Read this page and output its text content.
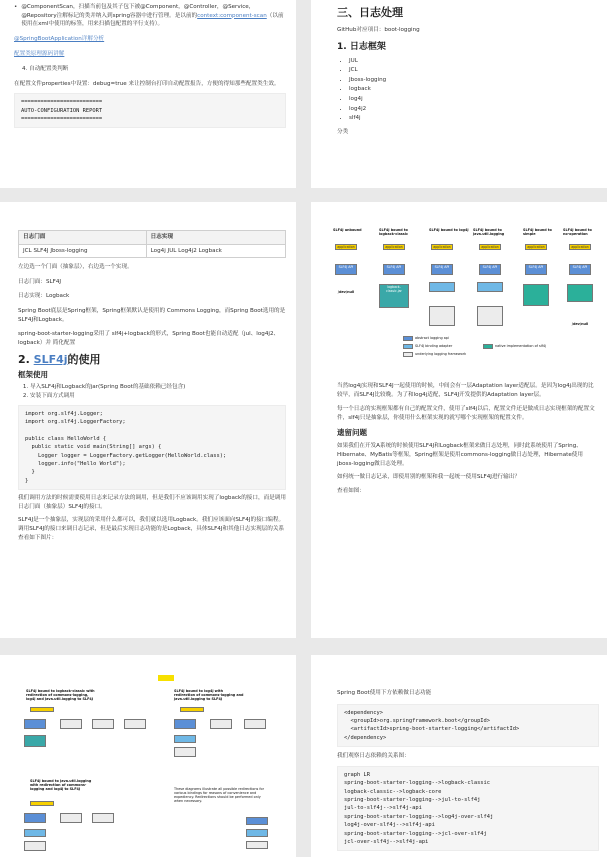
• @ComponentScan，扫描当前包及其子包下被@Component，@Controller，@Service，@Repository注解标记的类并纳入到spring容器中进行管理。是以前的context:component-scan（以前使用在xml中使用的标签，用来扫描包配置的平行支持）。
@SpringBootApplication详解分析
配置类原理源码讲解
4. 自动配置类判断
在配置文件properties中设置：debug=true 来让控制台打印自动配置报告，方便的得知那些配置类生效。
=========================
AUTO-CONFIGURATION REPORT
=========================
三、日志处理
GitHub对应项目：boot-logging
1. 日志框架
• JUL
• JCL
• Jboss-logging
• logback
• log4j
• log4j2
• slf4j
分类
日志门面	日志实现
JCL SLF4J Jboss-logging	Log4j JUL Log4j2 Logback
左边选一个门面（抽象层），右边选一个实现。
日志门面：SLF4J
日志实现：Logback
Spring Boot底层是Spring框架，Spring框架默认是使用的 Commons Logging，而Spring Boot选用的是SLF4J和Logback。
spring-boot-starter-logging采用了 slf4j+logback的形式，Spring Boot也能自动适配（jul、log4j2、logback）并 简化配置
2. SLF4j的使用
框架使用
1. 导入SLF4j和Logback的jar(Spring Boot的基础依赖已经包含)
2. 安装下面方式调用
import org.slf4j.Logger;
import org.slf4j.LoggerFactory;

public class HelloWorld {
public static void main(String[] args) {
Logger logger = LoggerFactory.getLogger(HelloWorld.class);
logger.info("Hello World");
}
}
我们调用方法的时候需要使用日志来记录方法的调用，但是我们不应该调用实现了logback的接口，而是调用日志门面（抽象层）SLF4J的接口。
SLF4J是一个抽象层，实现层的采用什么都可以，我们就以选用Logback。我们应该面向SLF4J的接口编程。调用SLF4J的接口来调日志记录，但是最后实现日志功能的是Logback，具体SLF4J和其他日志实现层的关系查看如下图片：
SLF4J unbound	SLF4J bound to logback-classic
SLF4J bound to log4j SLF4J bound to java.util.logging
SLF4J bound to simple
SLF4J bound to no-operation
application	application	application	application	application	application
SLF4J API	SLF4J API	SLF4J API	SLF4J API	SLF4J API	SLF4J API
/dev/null
/dev/null
logback-classic.jar
abstract logging api
SLF4J binding adapter
underlying logging framework
native implementation of slf4j
当然log4j实现和SLF4J一起使用的时候，中间会有一层Adaptation layer适配层。是因为log4j出现的比较早，而SLF4J比较晚。为了和log4j适配，SLF4J开发提供的Adaptation layer层。
每一个日志的实现框架都有自己的配置文件，使用了slf4j以后，配置文件还是做成日志实现框架的配置文件，slf4j只是抽象层，你使用什么框架实现的就写哪个实现框架的配置文件。
遗留问题
如果我们在开发A系统的时候使用SLF4J和Logback框架来做日志处理，同时此系统使用了Spring、Hibernate、MyBatis等框架，Spring框架是使用commons-logging做日志处理，Hibernate使用jboss-logging做日志处理。
如何统一做日志记录，即使用别的框架和我一起统一使用SLF4J进行输出？
查看如图：
SLF4J bound to logback-classic with redirection of commons-logging, log4j and java.util.logging to SLF4J
SLF4J bound to log4j with redirection of commons-logging and java.util.logging to SLF4J
SLF4J bound to java.util.logging with redirection of commons-logging and log4j to SLF4J	These diagrams illustrate all possible redirections for various bindings for reasons of convenience and expediency. Redirections should be performed only when necessary.
Spring Boot使用下方依赖做日志功能
<dependency>
<groupId>org.springframework.boot</groupId>
<artifactId>spring-boot-starter-logging</artifactId>
</dependency>
我们观察日志依赖的关系图：
graph LR
spring-boot-starter-logging-->logback-classic
logback-classic-->logback-core
spring-boot-starter-logging-->jul-to-slf4j
jul-to-slf4j-->slf4j-api
spring-boot-starter-logging-->log4j-over-slf4j
log4j-over-slf4j-->slf4j-api
spring-boot-starter-logging-->jcl-over-slf4j
jcl-over-slf4j-->slf4j-api
